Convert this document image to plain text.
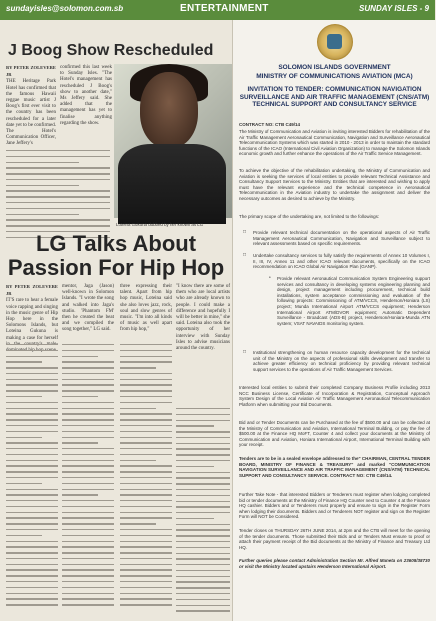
sundayisles@solomon.com.sb	ENTERTAINMENT	SUNDAY ISLES - 9
J Boog Show Rescheduled
BY PETER ZOLEVERE JR
THE Heritage Park Hotel has confirmed that the famous Hawaii reggae music artist J Boog's first ever visit to the country has been rescheduled for a later date yet to be confirmed. The Hotel's Communication Officer, Jane Jeffery's
confirmed this last week to Sunday Isles. "The Hotel's management has rescheduled J Boog's show to another date," Ms Jeffery said. She added that the management has yet to finalise anything regarding the show.
Loteina Gukuna dubbed by her known as LG
LG Talks About
Passion For Hip Hop
BY PETER ZOLEVERE JR
IT'S rare to hear a female voice rapping and singing in the music genre of Hip Hop here in the Solomons Islands, but Loteina Gukuna is making a case for herself
mentor, Jaga (Jason) well-known in Solomon Islands. "I wrote the song and walked into Jaga's studio. 'Phantom FM' then he created the beat and we compiled the song together," LG said.
three expressing their talent. Apart from hip hop music, Loteina said she also loves jazz, rock, soul and slow genres of music. "I'm into all kinds of music as well apart from hip hop,"
"I know there are some of them who are local artists who are already known to people. I could make a difference and hopefully I will be better in mine," she said. Loteina also took the opportunity of her interview with Sunday Isles to advise musicians around the country.
SOLOMON ISLANDS GOVERNMENT
MINISTRY OF COMMUNICATIONS AVIATION (MCA)
INVITATION TO TENDER: COMMUNICATION NAVIGATION SURVEILLANCE AND AIR TRAFFIC MANAGEMENT (CNS/ATM) TECHNICAL SUPPORT AND CONSULTANCY SERVICE
CONTRACT NO: CTB C49/14
The Ministry of Communication and Aviation is inviting interested Bidders for rehabilitation of the Air Traffic Management Aeronautical Communication, Navigation and Surveillance Aeronautical Telecommunication Systems which was started in 2010 - 2013 in order to maintain the standard functions of the ICAO (International Civil Aviation Organization) to manage the Solomon Islands economic growth and further enhance the operations of the Air Traffic Service Management.
To achieve the objective of the rehabilitation undertaking, the Ministry of Communication and Aviation is seeking the services of local entities to provide relevant Technical Assistance and Consultancy Support Services to the Ministry. Entities that are interested and wishing to apply must have the relevant experience and the technical competence in Aeronautical Telecommunication in the Aviation industry to undertake the assignment and deliver the necessary outcomes as desired to achieve by the Ministry.
The primary scope of the undertaking are, not limited to the followings:
□ Provide relevant technical documentation on the operational aspects of Air Traffic Management Aeronautical Communication, Navigation and Surveillance subject to relevant assessments based on specific requirements.
□ Undertake consultancy services to fully satisfy the requirements of Annex 10 Volumes I, II, III, IV, Annex 11 and other ICAO relevant documents, specifically on the ICAO recommendation on ICAO Global Air Navigation Plan (GANP).
• Provide relevant Aeronautical Communication System Engineering support services and consultancy in developing systems engineering planning and design, project management including procurement, technical build installations, system acceptance commissioning and evaluation of the following projects: Commissioning of ATM/VCCS, Henderson/Honiara (LS) project; Munda International Airport ATM/VCCS equipment; Henderson International Airport ATM/DVOR equipment; Automatic Dependent Surveillance - Broadcast (ADS-B) project, Henderson/Honiara-Munda ATN system; VSAT NAVAIDS monitoring system.
□ Institutional strengthening on human resource capacity development for the technical unit of the Ministry on the aspects of professional skills development and transfer to achieve greater efficiency on technical proficiency by providing relevant technical support services to the operations of Air Traffic Management Services.
Interested local entities to submit their completed Company Business Profile including 2013 NCC Business License, Certificate of Incorporation & Registration, Conceptual Approach System Design of the Local Aviation Air Traffic Management Aeronautical Telecommunication Platform when submitting your Bid Documents.
Bid and or Tender Documents can be Purchased at the fee of $500.00 and can be collected at the Ministry of Communication and Aviation, International Terminal Building, or pay the fee of $500.00 at the Finance HQ MoFT, Counter 4 and collect your documents at the Ministry of Communication and Aviation, Honiara International Airport, International Terminal Building with your receipt.
Tenders are to be in a sealed envelope addressed to the" CHAIRMAN, CENTRAL TENDER BOARD, MINISTRY OF FINANCE & TREASURY" and marked "COMMUNICATION NAVIGATION SURVEILLANCE AND AIR TRAFFIC MANAGEMENT (CNS/ATM) TECHNICAL SUPPORT AND CONSULTANCY SERVICE. CONTRACT NO: CTB C49/14.
Further Take Note - that interested Bidders or Tenderers must register when lodging completed bid or tender documents at the Ministry of Finance HQ Counter next to Counter 4 at the Finance HQ cashier. Bidders and or Tenderers must properly and ensure to sign in the Register Form when lodging their documents. Bidders and or Tenderers NOT register and sign on the Register Form will NOT be Considered.
Tender closes on THURSDAY 26TH JUNE 2014, at 2pm and the CTB will meet for the opening of the tender documents. Those submitted their Bids and or Tenders Must ensure to proof or attach their payment receipt of the Bid documents at the Ministry of Finance and Treasury Ltd HQ.
Further queries please contact Administration Section Mr. Alfred Maneta on 23608/38730 or visit the Ministry located upstairs Henderson International Airport.
